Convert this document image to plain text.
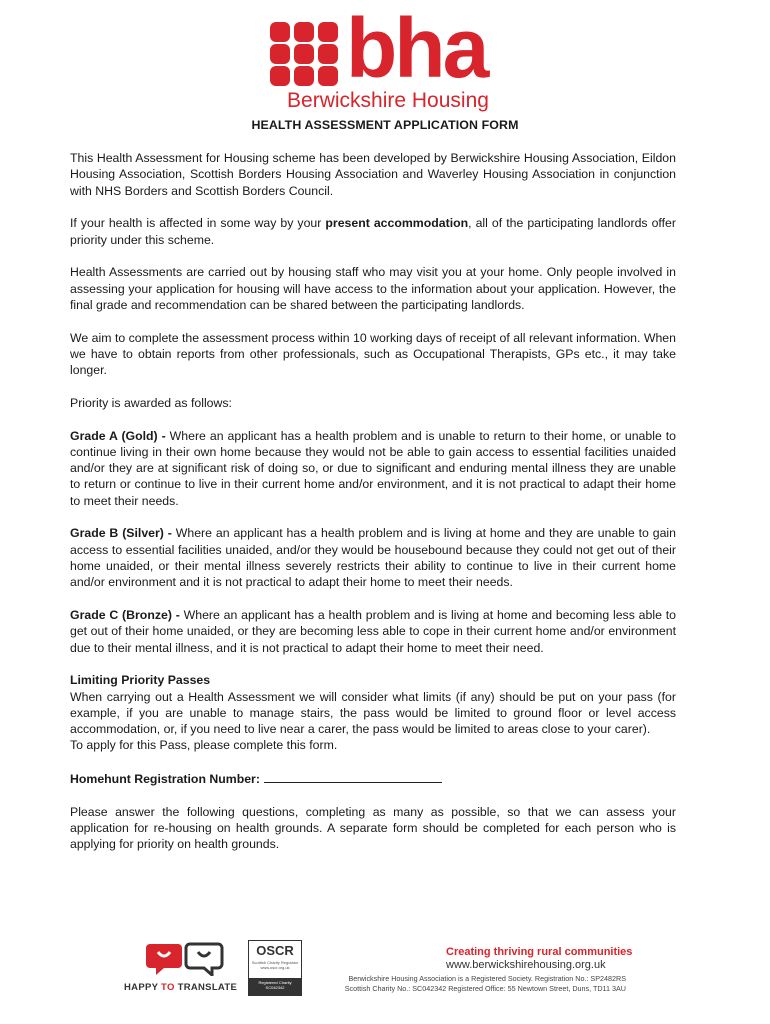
bha
Berwickshire Housing
HEALTH ASSESSMENT APPLICATION FORM

This Health Assessment for Housing scheme has been developed by Berwickshire Housing Association, Eildon Housing Association, Scottish Borders Housing Association and Waverley Housing Association in conjunction with NHS Borders and Scottish Borders Council.

If your health is affected in some way by your present accommodation, all of the participating landlords offer priority under this scheme.

Health Assessments are carried out by housing staff who may visit you at your home. Only people involved in assessing your application for housing will have access to the information about your application. However, the final grade and recommendation can be shared between the participating landlords.

We aim to complete the assessment process within 10 working days of receipt of all relevant information. When we have to obtain reports from other professionals, such as Occupational Therapists, GPs etc., it may take longer.

Priority is awarded as follows:

Grade A (Gold) - Where an applicant has a health problem and is unable to return to their home, or unable to continue living in their own home because they would not be able to gain access to essential facilities unaided and/or they are at significant risk of doing so, or due to significant and enduring mental illness they are unable to return or continue to live in their current home and/or environment, and it is not practical to adapt their home to meet their needs.

Grade B (Silver) - Where an applicant has a health problem and is living at home and they are unable to gain access to essential facilities unaided, and/or they would be housebound because they could not get out of their home unaided, or their mental illness severely restricts their ability to continue to live in their current home and/or environment and it is not practical to adapt their home to meet their needs.

Grade C (Bronze) - Where an applicant has a health problem and is living at home and becoming less able to get out of their home unaided, or they are becoming less able to cope in their current home and/or environment due to their mental illness, and it is not practical to adapt their home to meet their need.

Limiting Priority Passes

When carrying out a Health Assessment we will consider what limits (if any) should be put on your pass (for example, if you are unable to manage stairs, the pass would be limited to ground floor or level access accommodation, or, if you need to live near a carer, the pass would be limited to areas close to your carer).

To apply for this Pass, please complete this form.

Homehunt Registration Number:

Please answer the following questions, completing as many as possible, so that we can assess your application for re-housing on health grounds. A separate form should be completed for each person who is applying for priority on health grounds.

HAPPY TO TRANSLATE
OSCR
Scottish Charity Regulator
www.oscr.org.uk
Registered Charity
SC042342
Creating thriving rural communities
www.berwickshirehousing.org.uk
Berwickshire Housing Association is a Registered Society. Registration No.: SP2482RS
Scottish Charity No.: SC042342 Registered Office: 55 Newtown Street, Duns, TD11 3AU
